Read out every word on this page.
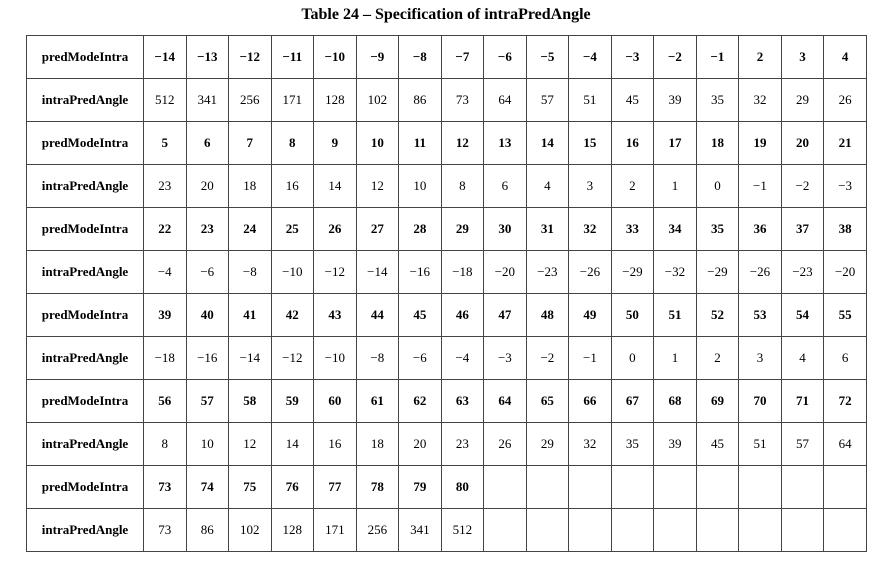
Table 24 – Specification of intraPredAngle
predModeIntra	−14	−13	−12	−11	−10	−9	−8	−7	−6	−5	−4	−3	−2	−1	2	3	4
intraPredAngle	512	341	256	171	128	102	86	73	64	57	51	45	39	35	32	29	26
predModeIntra	5	6	7	8	9	10	11	12	13	14	15	16	17	18	19	20	21
intraPredAngle	23	20	18	16	14	12	10	8	6	4	3	2	1	0	−1	−2	−3
predModeIntra	22	23	24	25	26	27	28	29	30	31	32	33	34	35	36	37	38
intraPredAngle	−4	−6	−8	−10	−12	−14	−16	−18	−20	−23	−26	−29	−32	−29	−26	−23	−20
predModeIntra	39	40	41	42	43	44	45	46	47	48	49	50	51	52	53	54	55
intraPredAngle	−18	−16	−14	−12	−10	−8	−6	−4	−3	−2	−1	0	1	2	3	4	6
predModeIntra	56	57	58	59	60	61	62	63	64	65	66	67	68	69	70	71	72
intraPredAngle	8	10	12	14	16	18	20	23	26	29	32	35	39	45	51	57	64
predModeIntra	73	74	75	76	77	78	79	80									
intraPredAngle	73	86	102	128	171	256	341	512									
